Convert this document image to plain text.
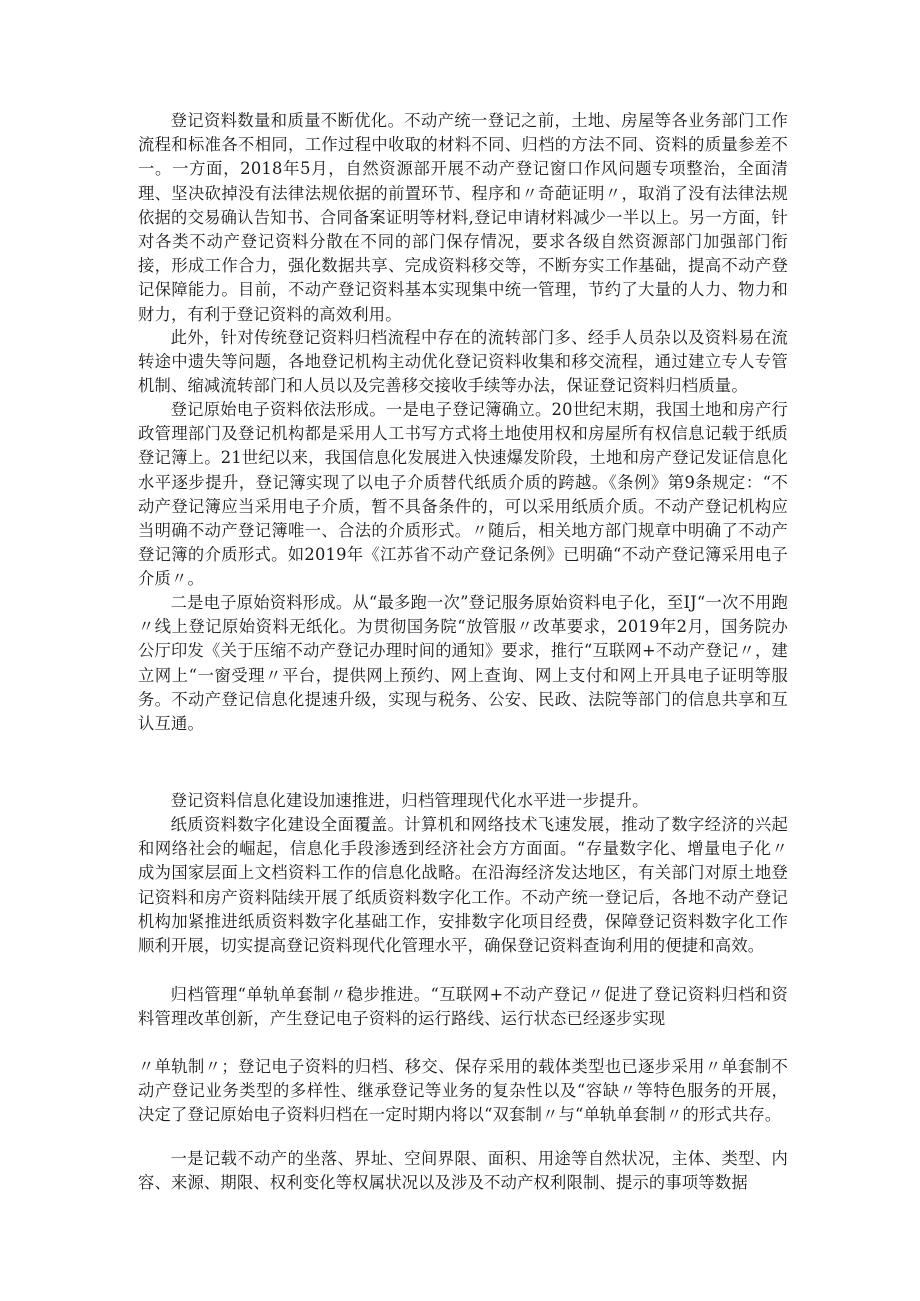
登记资料数量和质量不断优化。不动产统一登记之前，土地、房屋等各业务部门工作流程和标准各不相同，工作过程中收取的材料不同、归档的方法不同、资料的质量参差不一。一方面，2018年5月，自然资源部开展不动产登记窗口作风问题专项整治，全面清理、坚决砍掉没有法律法规依据的前置环节、程序和〃奇葩证明〃，取消了没有法律法规依据的交易确认告知书、合同备案证明等材料,登记申请材料减少一半以上。另一方面，针对各类不动产登记资料分散在不同的部门保存情况，要求各级自然资源部门加强部门衔接，形成工作合力，强化数据共享、完成资料移交等，不断夯实工作基础，提高不动产登记保障能力。目前，不动产登记资料基本实现集中统一管理，节约了大量的人力、物力和财力，有利于登记资料的高效利用。

此外，针对传统登记资料归档流程中存在的流转部门多、经手人员杂以及资料易在流转途中遗失等问题，各地登记机构主动优化登记资料收集和移交流程，通过建立专人专管机制、缩减流转部门和人员以及完善移交接收手续等办法，保证登记资料归档质量。

登记原始电子资料依法形成。一是电子登记簿确立。20世纪末期，我国土地和房产行政管理部门及登记机构都是采用人工书写方式将土地使用权和房屋所有权信息记载于纸质登记簿上。21世纪以来，我国信息化发展进入快速爆发阶段，土地和房产登记发证信息化水平逐步提升，登记簿实现了以电子介质替代纸质介质的跨越。《条例》第9条规定：“不动产登记簿应当采用电子介质，暂不具备条件的，可以采用纸质介质。不动产登记机构应当明确不动产登记簿唯一、合法的介质形式。〃随后，相关地方部门规章中明确了不动产登记簿的介质形式。如2019年《江苏省不动产登记条例》已明确“不动产登记簿采用电子介质〃。

二是电子原始资料形成。从“最多跑一次”登记服务原始资料电子化，至IJ“一次不用跑〃线上登记原始资料无纸化。为贯彻国务院“放管服〃改革要求，2019年2月，国务院办公厅印发《关于压缩不动产登记办理时间的通知》要求，推行“互联网+不动产登记〃，建立网上“一窗受理〃平台，提供网上预约、网上查询、网上支付和网上开具电子证明等服务。不动产登记信息化提速升级，实现与税务、公安、民政、法院等部门的信息共享和互认互通。

登记资料信息化建设加速推进，归档管理现代化水平进一步提升。

纸质资料数字化建设全面覆盖。计算机和网络技术飞速发展，推动了数字经济的兴起和网络社会的崛起，信息化手段渗透到经济社会方方面面。“存量数字化、增量电子化〃成为国家层面上文档资料工作的信息化战略。在沿海经济发达地区，有关部门对原土地登记资料和房产资料陆续开展了纸质资料数字化工作。不动产统一登记后，各地不动产登记机构加紧推进纸质资料数字化基础工作，安排数字化项目经费，保障登记资料数字化工作顺利开展，切实提高登记资料现代化管理水平，确保登记资料查询利用的便捷和高效。

归档管理“单轨单套制〃稳步推进。“互联网+不动产登记〃促进了登记资料归档和资料管理改革创新，产生登记电子资料的运行路线、运行状态已经逐步实现

〃单轨制〃；登记电子资料的归档、移交、保存采用的载体类型也已逐步采用〃单套制不动产登记业务类型的多样性、继承登记等业务的复杂性以及“容缺〃等特色服务的开展，决定了登记原始电子资料归档在一定时期内将以“双套制〃与“单轨单套制〃的形式共存。

一是记载不动产的坐落、界址、空间界限、面积、用途等自然状况，主体、类型、内容、来源、期限、权利变化等权属状况以及涉及不动产权利限制、提示的事项等数据
